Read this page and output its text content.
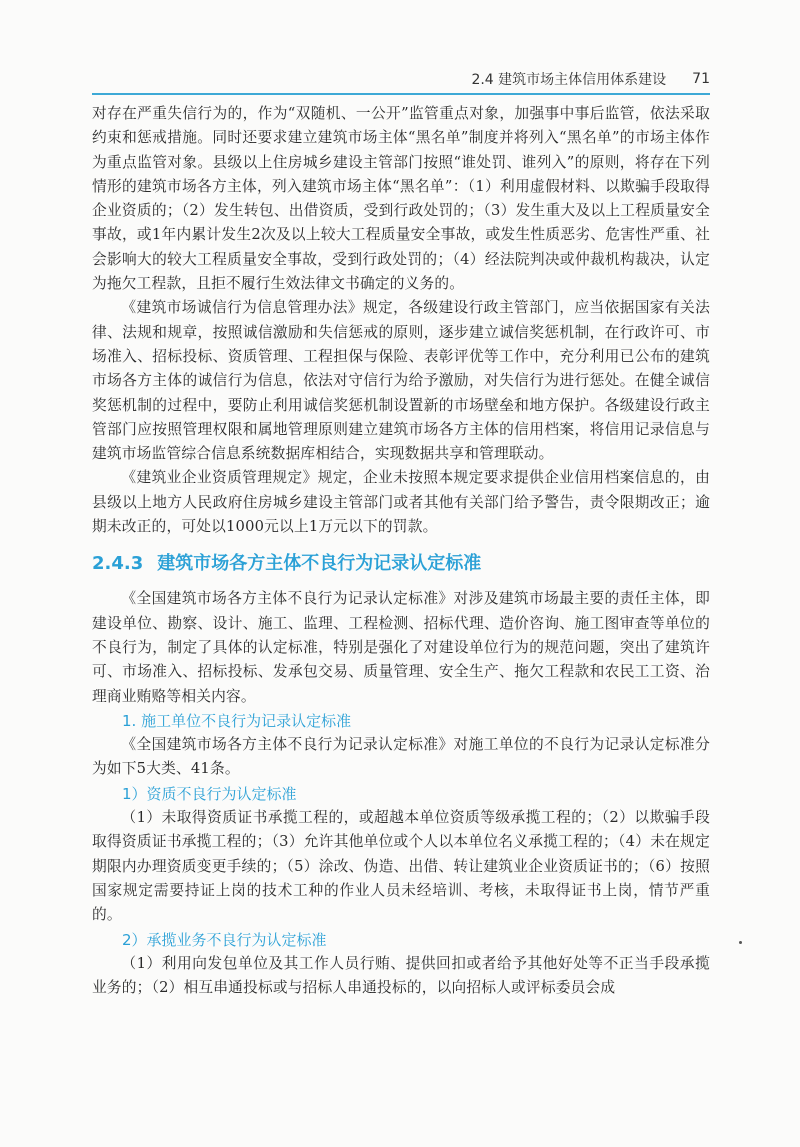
2.4 建筑市场主体信用体系建设 71

对存在严重失信行为的，作为“双随机、一公开”监管重点对象，加强事中事后监管，依法采取约束和惩戒措施。同时还要求建立建筑市场主体“黑名单”制度并将列入“黑名单”的市场主体作为重点监管对象。县级以上住房城乡建设主管部门按照“谁处罚、谁列入”的原则，将存在下列情形的建筑市场各方主体，列入建筑市场主体“黑名单”：（1）利用虚假材料、以欺骗手段取得企业资质的；（2）发生转包、出借资质，受到行政处罚的；（3）发生重大及以上工程质量安全事故，或1年内累计发生2次及以上较大工程质量安全事故，或发生性质恶劣、危害性严重、社会影响大的较大工程质量安全事故，受到行政处罚的；（4）经法院判决或仲裁机构裁决，认定为拖欠工程款，且拒不履行生效法律文书确定的义务的。

《建筑市场诚信行为信息管理办法》规定，各级建设行政主管部门，应当依据国家有关法律、法规和规章，按照诚信激励和失信惩戒的原则，逐步建立诚信奖惩机制，在行政许可、市场准入、招标投标、资质管理、工程担保与保险、表彰评优等工作中，充分利用已公布的建筑市场各方主体的诚信行为信息，依法对守信行为给予激励，对失信行为进行惩处。在健全诚信奖惩机制的过程中，要防止利用诚信奖惩机制设置新的市场壁垒和地方保护。各级建设行政主管部门应按照管理权限和属地管理原则建立建筑市场各方主体的信用档案，将信用记录信息与建筑市场监管综合信息系统数据库相结合，实现数据共享和管理联动。

《建筑业企业资质管理规定》规定，企业未按照本规定要求提供企业信用档案信息的，由县级以上地方人民政府住房城乡建设主管部门或者其他有关部门给予警告，责令限期改正；逾期未改正的，可处以1000元以上1万元以下的罚款。

2.4.3 建筑市场各方主体不良行为记录认定标准

《全国建筑市场各方主体不良行为记录认定标准》对涉及建筑市场最主要的责任主体，即建设单位、勘察、设计、施工、监理、工程检测、招标代理、造价咨询、施工图审查等单位的不良行为，制定了具体的认定标准，特别是强化了对建设单位行为的规范问题，突出了建筑许可、市场准入、招标投标、发承包交易、质量管理、安全生产、拖欠工程款和农民工工资、治理商业贿赂等相关内容。

1. 施工单位不良行为记录认定标准

《全国建筑市场各方主体不良行为记录认定标准》对施工单位的不良行为记录认定标准分为如下5大类、41条。

1）资质不良行为认定标准

（1）未取得资质证书承揽工程的，或超越本单位资质等级承揽工程的；（2）以欺骗手段取得资质证书承揽工程的；（3）允许其他单位或个人以本单位名义承揽工程的；（4）未在规定期限内办理资质变更手续的；（5）涂改、伪造、出借、转让建筑业企业资质证书的；（6）按照国家规定需要持证上岗的技术工种的作业人员未经培训、考核，未取得证书上岗，情节严重的。

2）承揽业务不良行为认定标准

（1）利用向发包单位及其工作人员行贿、提供回扣或者给予其他好处等不正当手段承揽业务的；（2）相互串通投标或与招标人串通投标的，以向招标人或评标委员会成
